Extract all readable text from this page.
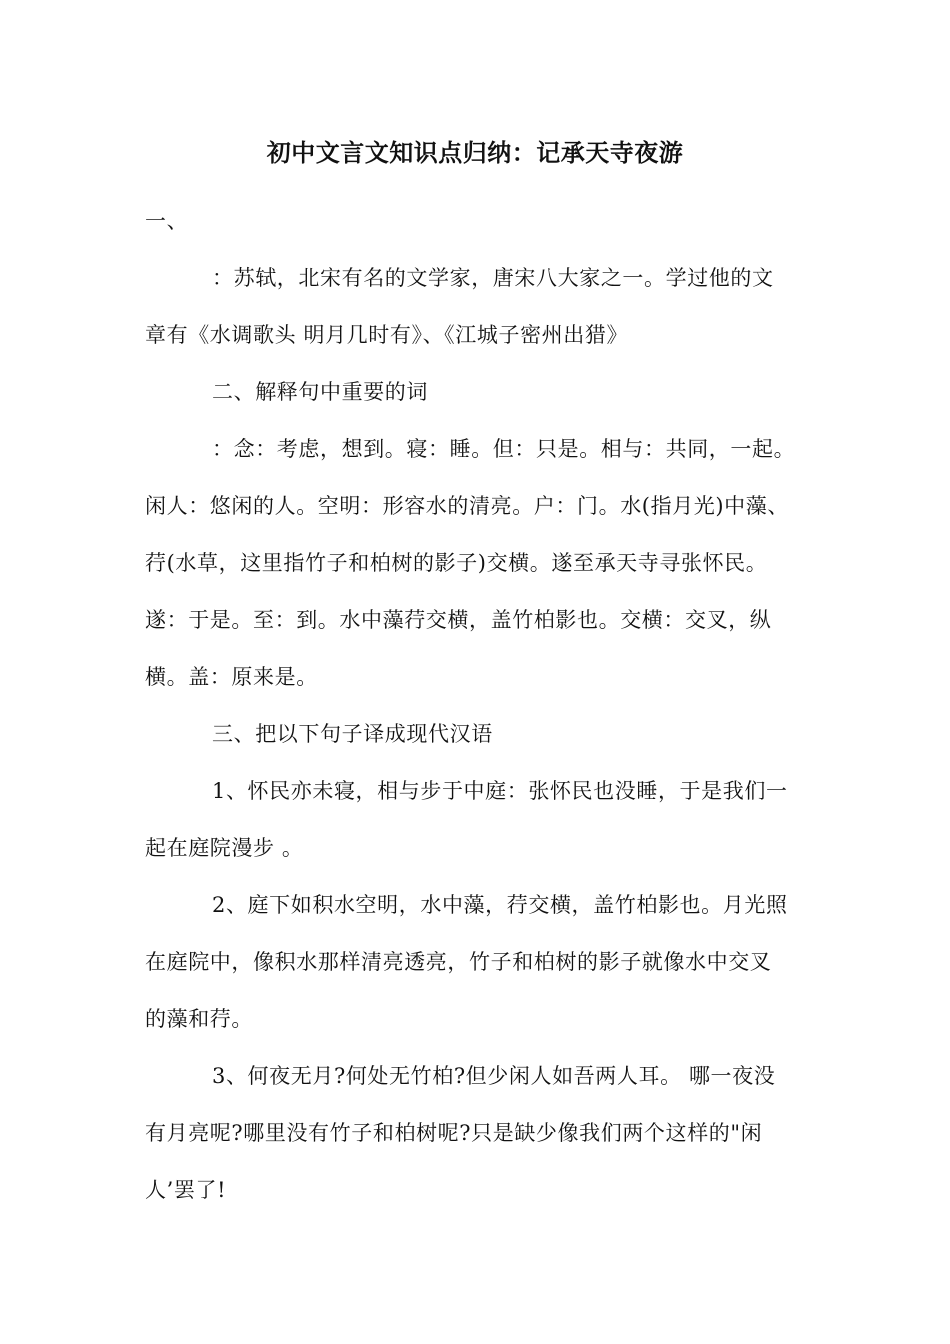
初中文言文知识点归纳：记承天寺夜游
一、
：苏轼，北宋有名的文学家，唐宋八大家之一。学过他的文
章有《水调歌头 明月几时有》、《江城子密州出猎》
二、解释句中重要的词
：念：考虑，想到。寝：睡。但：只是。相与：共同，一起。
闲人：悠闲的人。空明：形容水的清亮。户：门。水(指月光)中藻、
荇(水草，这里指竹子和柏树的影子)交横。遂至承天寺寻张怀民。
遂：于是。至：到。水中藻荇交横，盖竹柏影也。交横：交叉，纵
横。盖：原来是。
三、把以下句子译成现代汉语
1、怀民亦未寝，相与步于中庭：张怀民也没睡，于是我们一
起在庭院漫步 。
2、庭下如积水空明，水中藻，荇交横，盖竹柏影也。月光照
在庭院中，像积水那样清亮透亮，竹子和柏树的影子就像水中交叉
的藻和荇。
3、何夜无月?何处无竹柏?但少闲人如吾两人耳。 哪一夜没
有月亮呢?哪里没有竹子和柏树呢?只是缺少像我们两个这样的"闲
人’罢了!
